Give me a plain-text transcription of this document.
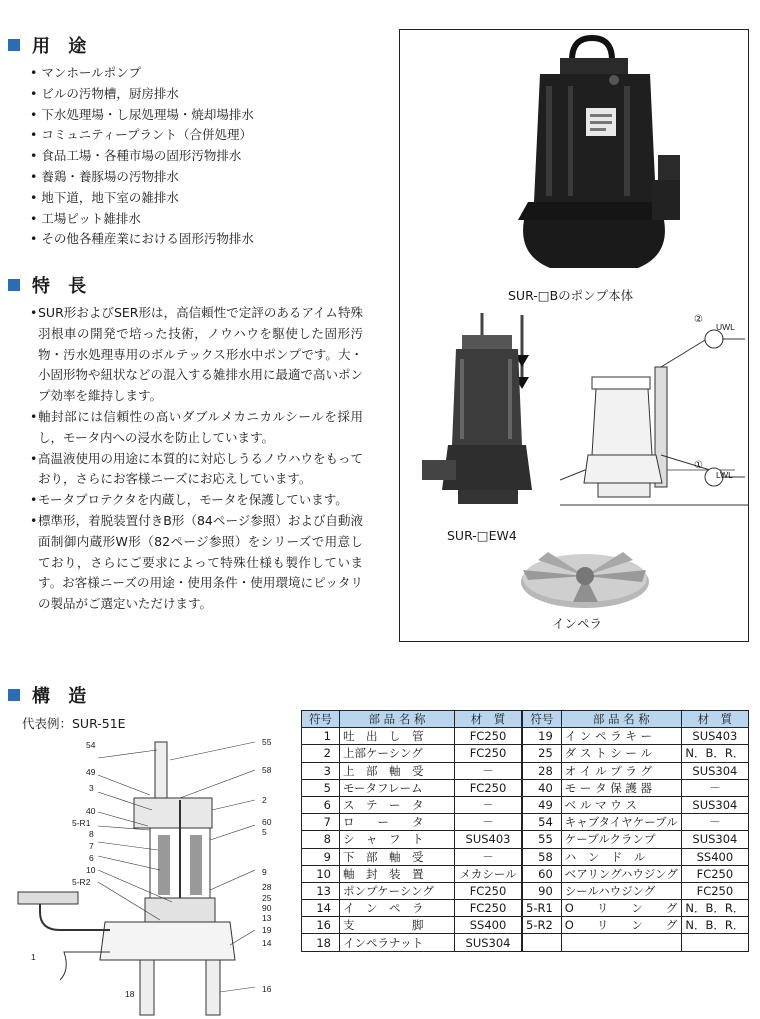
用 途
• マンホールポンプ
• ビルの汚物槽，厨房排水
• 下水処理場・し尿処理場・焼却場排水
• コミュニティープラント（合併処理）
• 食品工場・各種市場の固形汚物排水
• 養鶏・養豚場の汚物排水
• 地下道，地下室の雑排水
• 工場ピット雑排水
• その他各種産業における固形汚物排水
特 長
• SUR形およびSER形は，高信頼性で定評のあるアイム特殊羽根車の開発で培った技術，ノウハウを駆使した固形汚物・汚水処理専用のボルテックス形水中ポンプです。大・小固形物や紐状などの混入する雑排水用に最適で高いポンプ効率を維持します。
• 軸封部には信頼性の高いダブルメカニカルシールを採用し，モータ内への浸水を防止しています。
• 高温液使用の用途に本質的に対応しうるノウハウをもっており，さらにお客様ニーズにお応えしています。
• モータプロテクタを内蔵し，モータを保護しています。
• 標準形，着脱装置付きB形（84ページ参照）および自動液面制御内蔵形W形（82ページ参照）をシリーズで用意しており，さらにご要求によって特殊仕様も製作しています。お客様ニーズの用途・使用条件・使用環境にピッタリの製品がご選定いただけます。
SUR-□Bのポンプ本体
SUR-□EW4
②
UWL
①
LWL
インペラ
構 造
代表例：SUR-51E
54
49
3
40
5-R1
8
7
6
10
5-R2
1
18
55
58
2
60
5
9
28
25
90
13
19
14
16
符号	部 品 名 称	材　質	符号	部 品 名 称	材　質
1	吐　出　し　管	FC250	19	イ ン ペ ラ キ ー	SUS403
2	上部ケーシング	FC250	25	ダ ス ト シ ー ル	N．B．R．
3	上　部　軸　受	－	28	オ イ ル プ ラ グ	SUS304
5	モータフレーム	FC250	40	モ ー タ 保 護 器	－
6	ス　テ　ー　タ	－	49	ベ ル マ ウ ス	SUS304
7	ロ　　ー　　タ	－	54	キャブタイヤケーブル	－
8	シ　ャ　フ　ト	SUS403	55	ケーブルクランプ	SUS304
9	下　部　軸　受	－	58	ハ　ン　ド　ル	SS400
10	軸　封　装　置	メカシール	60	ベアリングハウジング	FC250
13	ポンプケーシング	FC250	90	シールハウジング	FC250
14	イ　ン　ペ　ラ	FC250	5-R1	O　　リ　　ン　　グ	N．B．R．
16	支　　　　　脚	SS400	5-R2	O　　リ　　ン　　グ	N．B．R．
18	インペラナット	SUS304			
